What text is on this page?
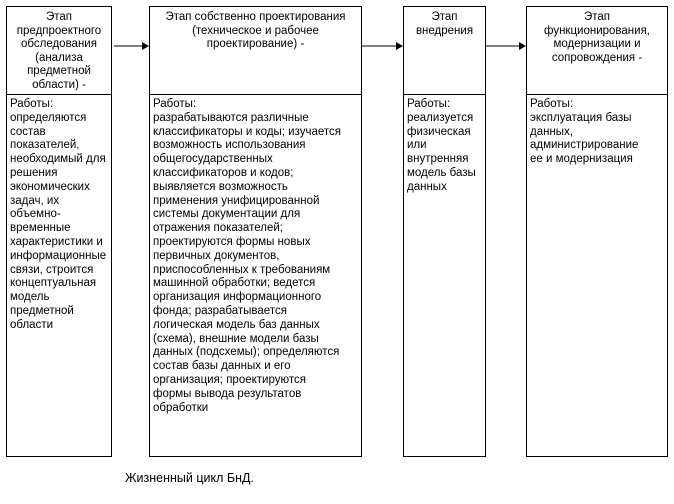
Этап
предпроектного
обследования
(анализа
предметной
области) -
Работы:
определяются
состав
показателей,
необходимый для
решения
экономических
задач, их объемно-
временные
характеристики и
информационные
связи, строится
концептуальная
модель
предметной
области
Этап собственно проектирования
(техническое и рабочее
проектирование) -
Работы:
разрабатываются различные
классификаторы и коды; изучается
возможность использования
общегосударственных
классификаторов и кодов;
выявляется возможность
применения унифицированной
системы документации для
отражения показателей;
проектируются формы новых
первичных документов,
приспособленных к требованиям
машинной обработки; ведется
организация информационного
фонда; разрабатывается
логическая модель баз данных
(схема), внешние модели базы
данных (подсхемы); определяются
состав базы данных и его
организация; проектируются
формы вывода результатов
обработки
Этап
внедрения
Работы:
реализуется
физическая
или
внутренняя
модель базы
данных
Этап
функционирования,
модернизации и
сопровождения -
Работы:
эксплуатация базы
данных,
администрирование
ее и модернизация
Жизненный цикл БнД.
